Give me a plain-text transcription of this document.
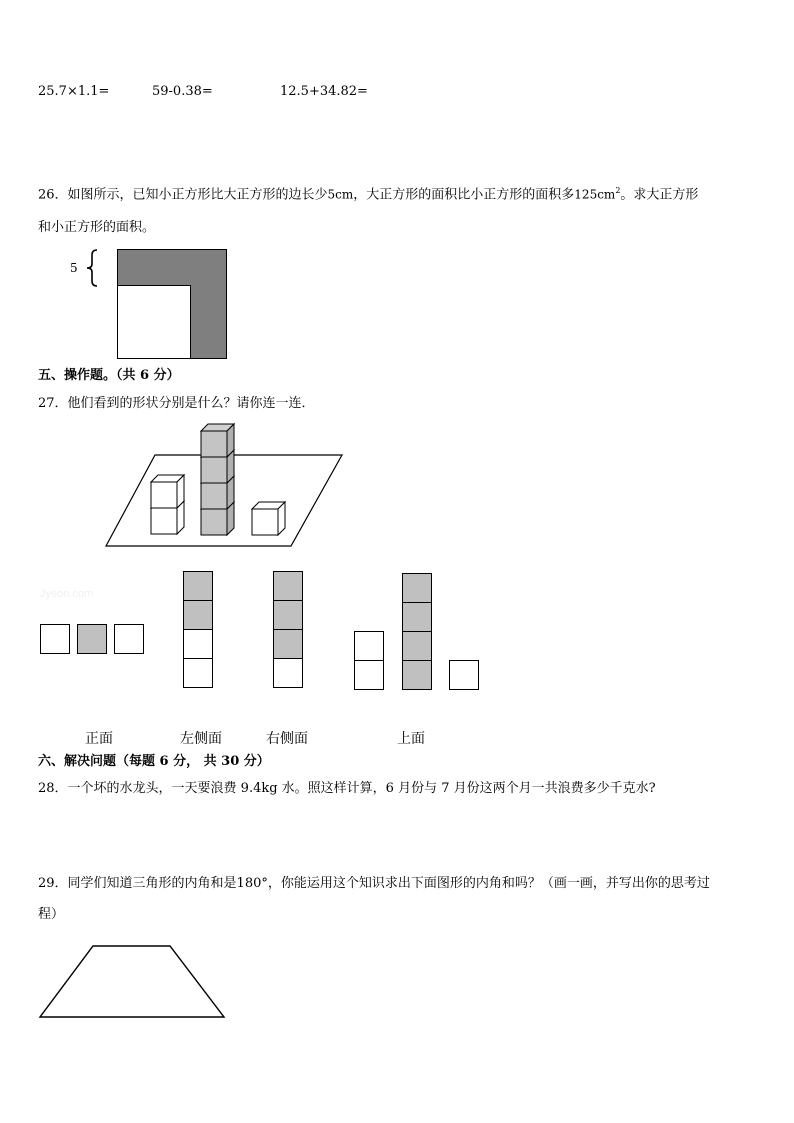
25.7×1.1=	59-0.38=	12.5+34.82=
26．如图所示，已知小正方形比大正方形的边长少5cm，大正方形的面积比小正方形的面积多$125cm^2$。求大正方形
和小正方形的面积。
5
五、操作题。（共 6 分）
27．他们看到的形状分别是什么？请你连一连．
Jyeoo.com
正面	左侧面	右侧面	上面
六、解决问题（每题 6 分， 共 30 分）
28．一个坏的水龙头，一天要浪费 9.4kg 水。照这样计算，6 月份与 7 月份这两个月一共浪费多少千克水?
29．同学们知道三角形的内角和是180°，你能运用这个知识求出下面图形的内角和吗？（画一画，并写出你的思考过
程）
